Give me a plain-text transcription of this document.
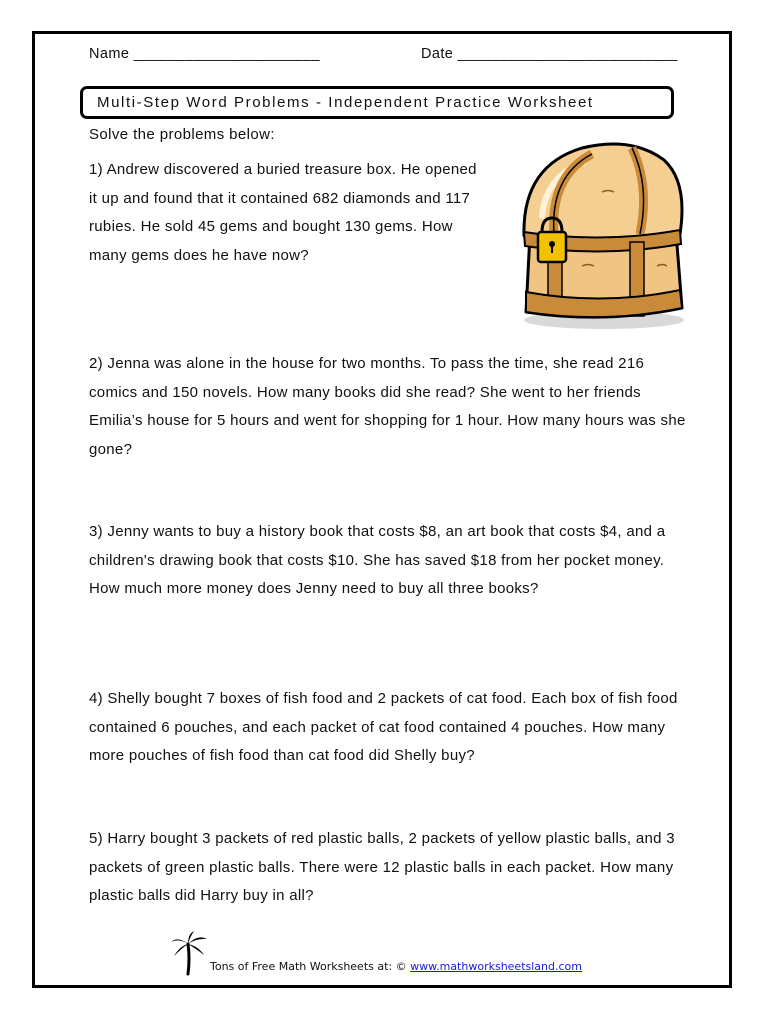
Name ______________________	Date __________________________
Multi-Step Word Problems - Independent Practice Worksheet
Solve the problems below:
1) Andrew discovered a buried treasure box. He opened it up and found that it contained 682 diamonds and 117 rubies. He sold 45 gems and bought 130 gems. How many gems does he have now?
2) Jenna was alone in the house for two months. To pass the time, she read 216 comics and 150 novels. How many books did she read? She went to her friends Emilia’s house for 5 hours and went for shopping for 1 hour. How many hours was she gone?
3) Jenny wants to buy a history book that costs $8, an art book that costs $4, and a children's drawing book that costs $10. She has saved $18 from her pocket money. How much more money does Jenny need to buy all three books?
4) Shelly bought 7 boxes of fish food and 2 packets of cat food. Each box of fish food contained 6 pouches, and each packet of cat food contained 4 pouches. How many more pouches of fish food than cat food did Shelly buy?
5) Harry bought 3 packets of red plastic balls, 2 packets of yellow plastic balls, and 3 packets of green plastic balls. There were 12 plastic balls in each packet. How many plastic balls did Harry buy in all?
Tons of Free Math Worksheets at: © www.mathworksheetsland.com
